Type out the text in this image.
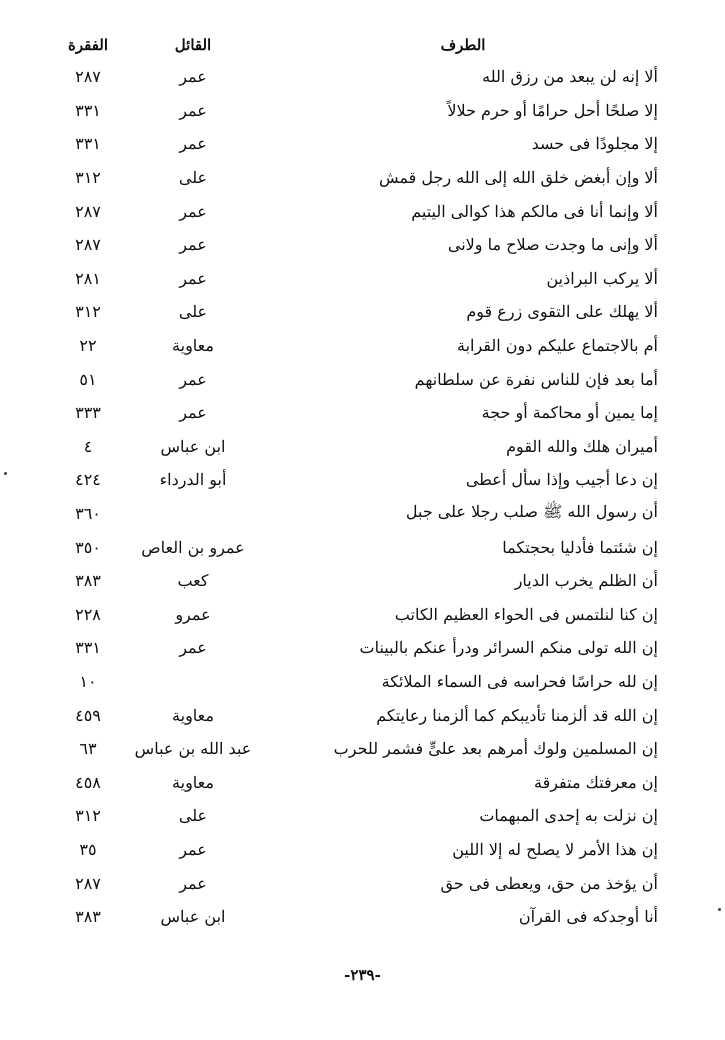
الطرف	القائل	الفقرة
ألا إنه لن يبعد من رزق الله	عمر	٢٨٧
إلا صلحًا أحل حرامًا أو حرم حلالاً	عمر	٣٣١
إلا مجلودًا فى حسد	عمر	٣٣١
ألا وإن أبغض خلق الله إلى الله رجل قمش	على	٣١٢
ألا وإنما أنا فى مالكم هذا كوالى اليتيم	عمر	٢٨٧
ألا وإنى ما وجدت صلاح ما ولانى	عمر	٢٨٧
ألا يركب البراذين	عمر	٢٨١
ألا يهلك على التقوى زرع قوم	على	٣١٢
أم بالاجتماع عليكم دون القرابة	معاوية	٢٢
أما بعد فإن للناس نفرة عن سلطانهم	عمر	٥١
إما يمين أو محاكمة أو حجة	عمر	٣٣٣
أميران هلك والله القوم	ابن عباس	٤
إن دعا أجيب وإذا سأل أعطى	أبو الدرداء	٤٢٤
أن رسول الله ﷺ صلب رجلا على جبل		٣٦٠
إن شئتما فأدليا بحجتكما	عمرو بن العاص	٣٥٠
أن الظلم يخرب الديار	كعب	٣٨٣
إن كنا لنلتمس فى الحواء العظيم الكاتب	عمرو	٢٢٨
إن الله تولى منكم السرائر ودرأ عنكم بالبينات	عمر	٣٣١
إن لله حراسًا فحراسه فى السماء الملائكة		١٠
إن الله قد ألزمنا تأديبكم كما ألزمنا رعايتكم	معاوية	٤٥٩
إن المسلمين ولوك أمرهم بعد علىٍّ فشمر للحرب	عبد الله بن عباس	٦٣
إن معرفتك متفرقة	معاوية	٤٥٨
إن نزلت به إحدى المبهمات	على	٣١٢
إن هذا الأمر لا يصلح له إلا اللين	عمر	٣٥
أن يؤخذ من حق، ويعطى فى حق	عمر	٢٨٧
أنا أوجدكه فى القرآن	ابن عباس	٣٨٣
-٢٣٩-
